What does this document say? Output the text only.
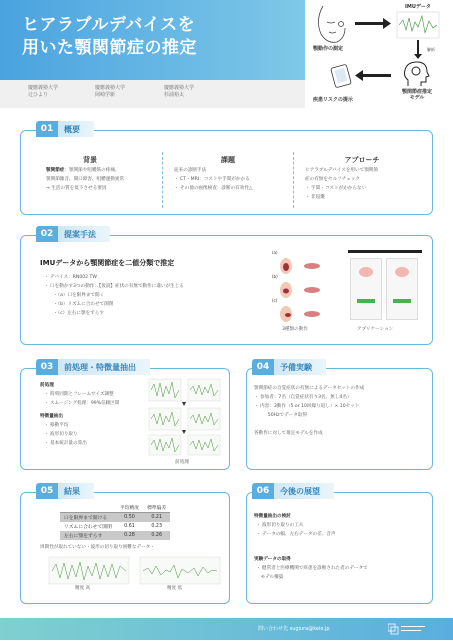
ヒアラブルデバイスを
用いた顎関節症の推定
慶應義塾大学
辻ひより
慶應義塾大学
岡崎学新
慶應義塾大学
杉浦裕太
IMUデータ
顎動作の測定	解析
顎関節症推定
モデル
疾患リスクの提示
01	概要
背景
顎関節症：顎関節や咀嚼筋の疼痛、
顎関節雑音、開口障害、咀嚼運動異常
→ 生活の質を低下させる要因
課題
従来の診断手法
・ CT・MRI：コストや手間がかかる
・ その他の画像検査：診断の有効性△
アプローチ
ヒアラブルデバイスを用いて顎関節
症の有無をセルフチェック
・ 手間・コストがかからない
・ 非侵襲
02	提案手法
IMUデータから顎関節症を二値分類で推定
・ デバイス：RN002 TW
・ 口を動かす3つの動作：【仮説】症状の有無で動作に違いが生じる
　　・（a）口を限界まで開く
　　・（b）リズムに合わせて開閉
　　・（c）左右に顎をずらす
(a)
(b)
(c)
3種類の動作	アプリケーション
03	前処理・特徴量抽出
前処理
・ 時刻同期とフレームサイズ調整
・ スムージング処理：99%信頼区間
特徴量抽出
・ 移動平均
・ 波形切り取り
・ 基本統計量の算出
前処理
04	予備実験
顎関節症の自覚症状の有無によるデータセットの作成
・ 参加者：7名（自覚症状有り3名、無し4名）
・ 内容：3動作（5 or 10回繰り返し）× 10セット
　　　50Hzでデータ取得

各動作に対して推定モデルを作成
05	結果
	平均精度	標準偏差
口を限界まで開ける	0.50	0.21
リズムに合わせて開閉	0.61	0.23
左右に顎をずらす	0.28	0.26
周期性が取れていない・波形の切り取り困難なデータ・
精度 高	精度 低
06	今後の展望
特徴量抽出の検討
・ 波形切り取りの工夫
・ データの幅、左右データの差、音声
実験データの取得
・ 健常者と医療機関で疾患を診断された者のデータで
　モデル構築
問い合わせ先 sugiura@keio.jp
